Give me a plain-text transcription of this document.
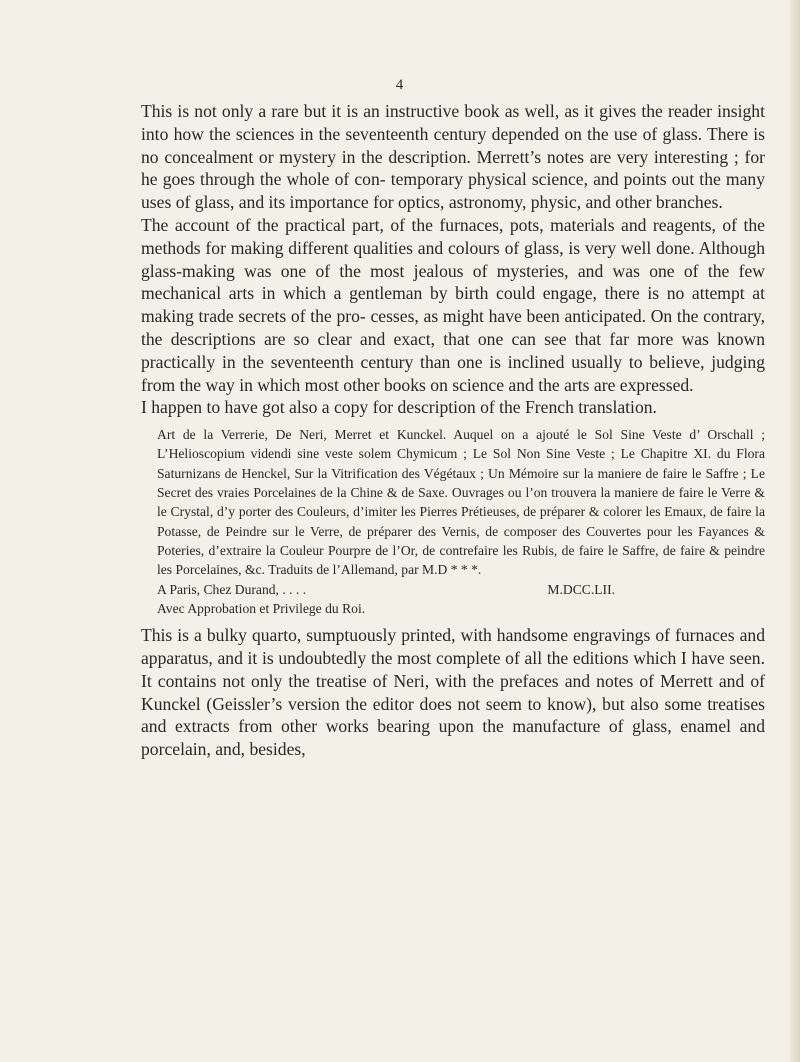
4

This is not only a rare but it is an instructive book as well, as it gives the reader insight into how the sciences in the seventeenth century depended on the use of glass. There is no concealment or mystery in the description. Merrett’s notes are very interesting ; for he goes through the whole of con- temporary physical science, and points out the many uses of glass, and its importance for optics, astronomy, physic, and other branches.

The account of the practical part, of the furnaces, pots, materials and reagents, of the methods for making different qualities and colours of glass, is very well done. Although glass-making was one of the most jealous of mysteries, and was one of the few mechanical arts in which a gentleman by birth could engage, there is no attempt at making trade secrets of the pro- cesses, as might have been anticipated. On the contrary, the descriptions are so clear and exact, that one can see that far more was known practically in the seventeenth century than one is inclined usually to believe, judging from the way in which most other books on science and the arts are expressed.

I happen to have got also a copy for description of the French translation.

Art de la Verrerie, De Neri, Merret et Kunckel. Auquel on a ajouté le Sol Sine Veste d’ Orschall ; L’Helioscopium videndi sine veste solem Chymicum ; Le Sol Non Sine Veste ; Le Chapitre XI. du Flora Saturnizans de Henckel, Sur la Vitrification des Végétaux ; Un Mémoire sur la maniere de faire le Saffre ; Le Secret des vraies Porcelaines de la Chine & de Saxe. Ouvrages ou l’on trouvera la maniere de faire le Verre & le Crystal, d’y porter des Couleurs, d’imiter les Pierres Prétieuses, de préparer & colorer les Emaux, de faire la Potasse, de Peindre sur le Verre, de préparer des Vernis, de composer des Couvertes pour les Fayances & Poteries, d’extraire la Couleur Pourpre de l’Or, de contrefaire les Rubis, de faire le Saffre, de faire & peindre les Porcelaines, &c. Traduits de l’Allemand, par M.D * * *.
A Paris, Chez Durand, . . . .	M.DCC.LII.
Avec Approbation et Privilege du Roi.

This is a bulky quarto, sumptuously printed, with handsome engravings of furnaces and apparatus, and it is undoubtedly the most complete of all the editions which I have seen. It contains not only the treatise of Neri, with the prefaces and notes of Merrett and of Kunckel (Geissler’s version the editor does not seem to know), but also some treatises and extracts from other works bearing upon the manufacture of glass, enamel and porcelain, and, besides,
